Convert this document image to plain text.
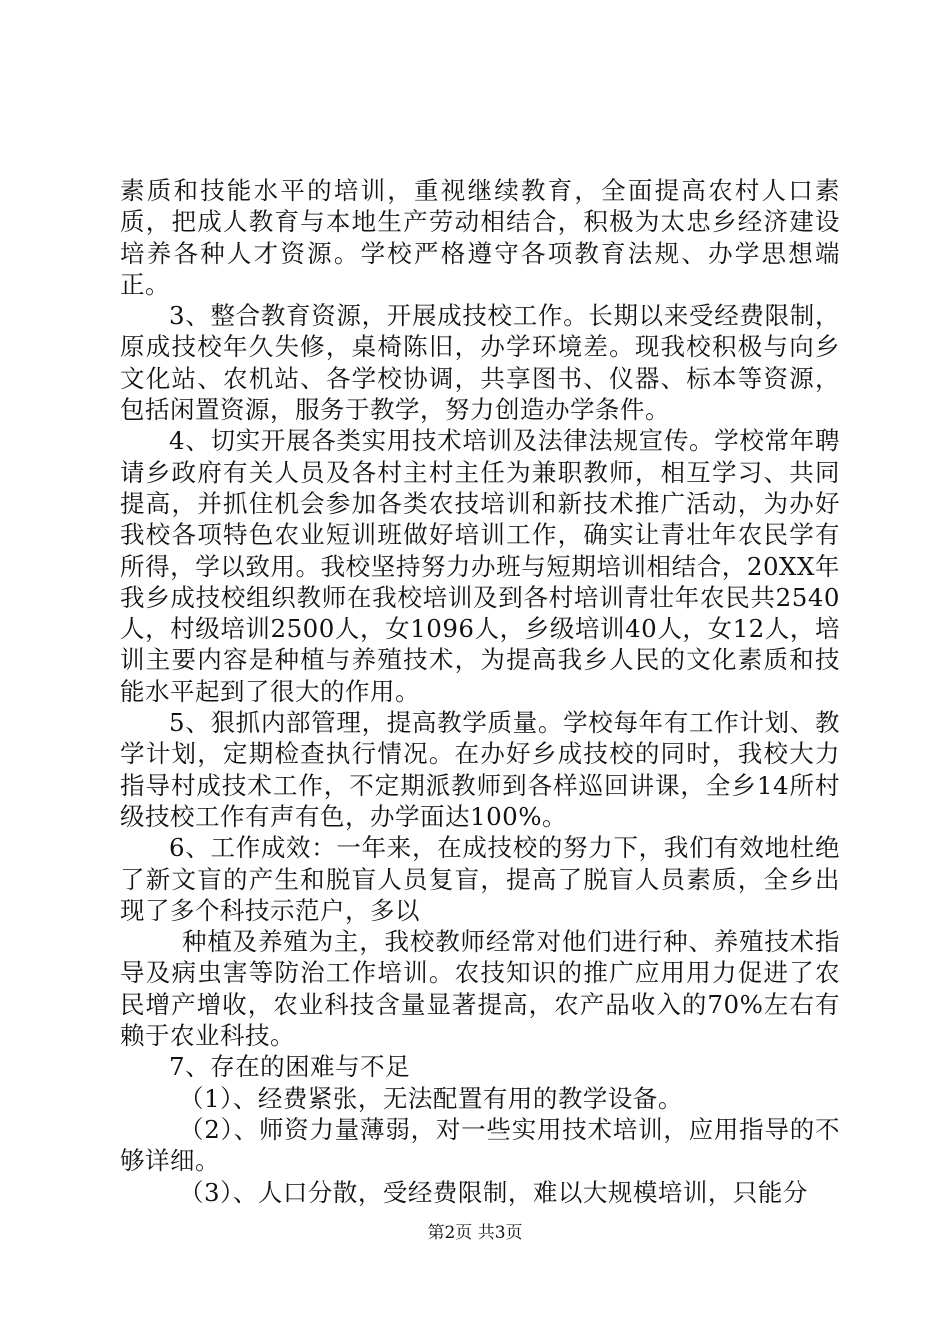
素质和技能水平的培训，重视继续教育，全面提高农村人口素质，把成人教育与本地生产劳动相结合，积极为太忠乡经济建设培养各种人才资源。学校严格遵守各项教育法规、办学思想端正。

3、整合教育资源，开展成技校工作。长期以来受经费限制，原成技校年久失修，桌椅陈旧，办学环境差。现我校积极与向乡文化站、农机站、各学校协调，共享图书、仪器、标本等资源，包括闲置资源，服务于教学，努力创造办学条件。

4、切实开展各类实用技术培训及法律法规宣传。学校常年聘请乡政府有关人员及各村主村主任为兼职教师，相互学习、共同提高，并抓住机会参加各类农技培训和新技术推广活动，为办好我校各项特色农业短训班做好培训工作，确实让青壮年农民学有所得，学以致用。我校坚持努力办班与短期培训相结合，20XX年我乡成技校组织教师在我校培训及到各村培训青壮年农民共2540人，村级培训2500人，女1096人，乡级培训40人，女12人，培训主要内容是种植与养殖技术，为提高我乡人民的文化素质和技能水平起到了很大的作用。

5、狠抓内部管理，提高教学质量。学校每年有工作计划、教学计划，定期检查执行情况。在办好乡成技校的同时，我校大力指导村成技术工作，不定期派教师到各样巡回讲课，全乡14所村级技校工作有声有色，办学面达100%。

6、工作成效：一年来，在成技校的努力下，我们有效地杜绝了新文盲的产生和脱盲人员复盲，提高了脱盲人员素质，全乡出现了多个科技示范户，多以

种植及养殖为主，我校教师经常对他们进行种、养殖技术指导及病虫害等防治工作培训。农技知识的推广应用用力促进了农民增产增收，农业科技含量显著提高，农产品收入的70%左右有赖于农业科技。

7、存在的困难与不足

（1）、经费紧张，无法配置有用的教学设备。

（2）、师资力量薄弱，对一些实用技术培训，应用指导的不够详细。

（3）、人口分散，受经费限制，难以大规模培训，只能分

第2页 共3页
